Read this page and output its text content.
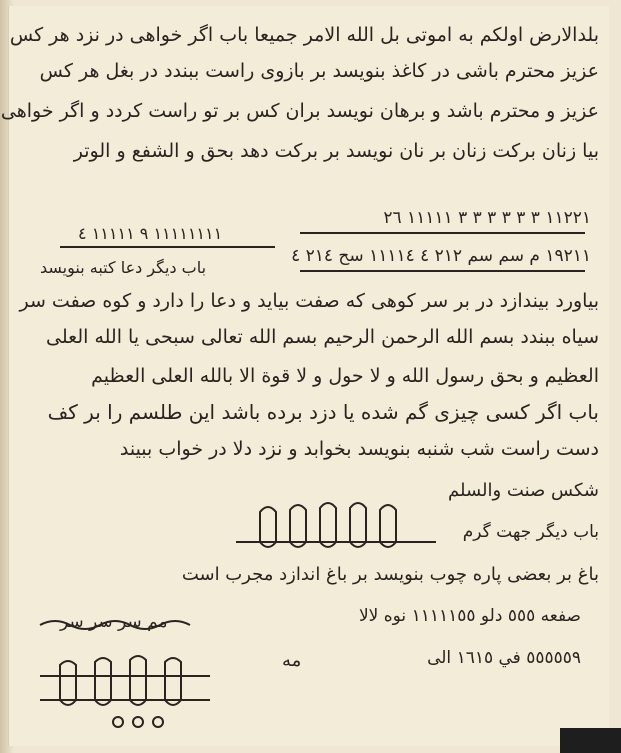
بلدالارض اولکم به اموتی بل الله الامر جمیعا باب اگر خواهی در نزد هر کس
عزیز محترم باشی در کاغذ بنویسد بر بازوی راست ببندد در بغل هر کس
عزیز و محترم باشد و برهان نویسد بران کس بر تو راست کردد و اگر خواهی
بیا زنان برکت زنان بر نان نویسد بر برکت دهد بحق و الشفع و الوتر
١١٢٢١ ٣ ٣ ٣ ٣ ٣ ٣ ١١١١١ ٢٦
١١١١١١١١ ٩ ١١١١١ ٤
١٩٢١١ م سم سم ٢١٢ ٤ ١١١١٤ سح ٢١٤ ٤
باب دیگر دعا کتبه بنویسد
بیاورد بیندازد در بر سر کوهی که صفت بیاید و دعا را دارد و کوه صفت سر
سیاه ببندد بسم الله الرحمن الرحیم بسم الله تعالی سبحی یا الله العلی
العظیم و بحق رسول الله و لا حول و لا قوة الا بالله العلی العظیم
باب اگر کسی چیزی گم شده یا دزد برده باشد این طلسم را بر کف
دست راست شب شنبه بنویسد بخوابد و نزد دلا در خواب ببیند
شکس صنت والسلم
باب دیگر جهت گرم
باغ بر بعضی پاره چوب بنویسد بر باغ اندازد مجرب است
صفعه ٥٥٥ دلو ١١١١١٥٥ نوه لالا
مم سر سر سر
٥٥٥٥٥٩ في ١٦١٥ الى
مه
